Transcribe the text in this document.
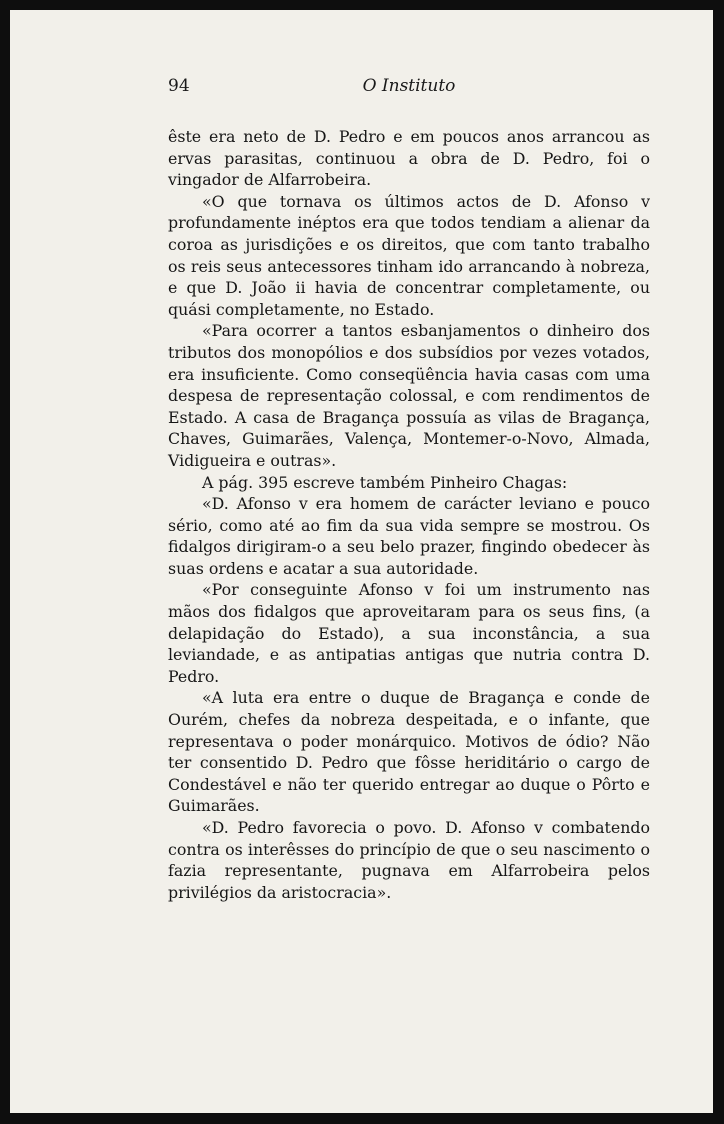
94	O Instituto

êste era neto de D. Pedro e em poucos anos arrancou as ervas parasitas, continuou a obra de D. Pedro, foi o vingador de Alfarrobeira.

«O que tornava os últimos actos de D. Afonso v profundamente inéptos era que todos tendiam a alienar da coroa as jurisdições e os direitos, que com tanto trabalho os reis seus antecessores tinham ido arrancando à nobreza, e que D. João ii havia de concentrar completamente, ou quási completamente, no Estado.

«Para ocorrer a tantos esbanjamentos o dinheiro dos tributos dos monopólios e dos subsídios por vezes votados, era insuficiente. Como conseqüência havia casas com uma despesa de representação colossal, e com rendimentos de Estado. A casa de Bragança possuía as vilas de Bragança, Chaves, Guimarães, Valença, Montemer-o-Novo, Almada, Vidigueira e outras».

A pág. 395 escreve também Pinheiro Chagas:

«D. Afonso v era homem de carácter leviano e pouco sério, como até ao fim da sua vida sempre se mostrou. Os fidalgos dirigiram-o a seu belo prazer, fingindo obedecer às suas ordens e acatar a sua autoridade.

«Por conseguinte Afonso v foi um instrumento nas mãos dos fidalgos que aproveitaram para os seus fins, (a delapidação do Estado), a sua inconstância, a sua leviandade, e as antipatias antigas que nutria contra D. Pedro.

«A luta era entre o duque de Bragança e conde de Ourém, chefes da nobreza despeitada, e o infante, que representava o poder monárquico. Motivos de ódio? Não ter consentido D. Pedro que fôsse heriditário o cargo de Condestável e não ter querido entregar ao duque o Pôrto e Guimarães.

«D. Pedro favorecia o povo. D. Afonso v combatendo contra os interêsses do princípio de que o seu nascimento o fazia representante, pugnava em Alfarrobeira pelos privilégios da aristocracia».
